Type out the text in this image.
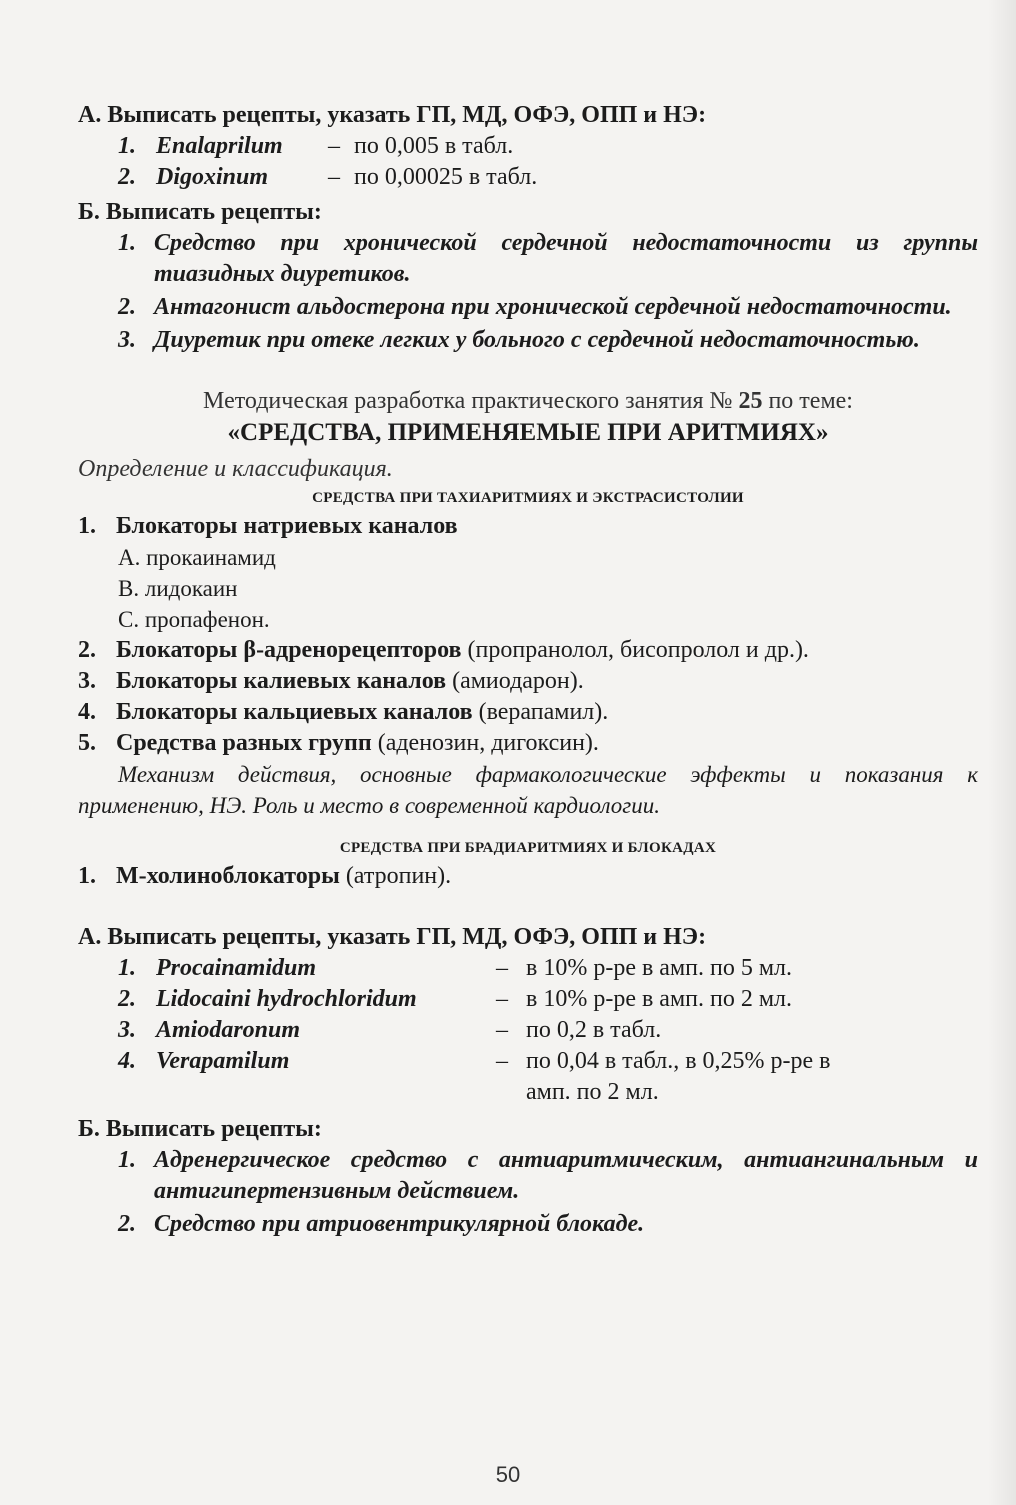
А. Выписать рецепты, указать ГП, МД, ОФЭ, ОПП и НЭ:
1. Enalaprilum	– по 0,005 в табл.
2. Digoxinum	– по 0,00025 в табл.
Б. Выписать рецепты:
1. Средство при хронической сердечной недостаточности из группы тиазидных диуретиков.
2. Антагонист альдостерона при хронической сердечной недостаточности.
3. Диуретик при отеке легких у больного с сердечной недостаточностью.
Методическая разработка практического занятия № 25 по теме:
«СРЕДСТВА, ПРИМЕНЯЕМЫЕ ПРИ АРИТМИЯХ»
Определение и классификация.
СРЕДСТВА ПРИ ТАХИАРИТМИЯХ И ЭКСТРАСИСТОЛИИ
1. Блокаторы натриевых каналов
А. прокаинамид
В. лидокаин
С. пропафенон.
2. Блокаторы β-адренорецепторов (пропранолол, бисопролол и др.).
3. Блокаторы калиевых каналов (амиодарон).
4. Блокаторы кальциевых каналов (верапамил).
5. Средства разных групп (аденозин, дигоксин).
Механизм действия, основные фармакологические эффекты и показания к применению, НЭ. Роль и место в современной кардиологии.
СРЕДСТВА ПРИ БРАДИАРИТМИЯХ И БЛОКАДАХ
1. М-холиноблокаторы (атропин).
А. Выписать рецепты, указать ГП, МД, ОФЭ, ОПП и НЭ:
1. Procainamidum	– в 10% р-ре в амп. по 5 мл.
2. Lidocaini hydrochloridum	– в 10% р-ре в амп. по 2 мл.
3. Amiodaronum	– по 0,2 в табл.
4. Verapamilum	– по 0,04 в табл., в 0,25% р-ре в амп. по 2 мл.
Б. Выписать рецепты:
1. Адренергическое средство с антиаритмическим, антиангинальным и антигипертензивным действием.
2. Средство при атриовентрикулярной блокаде.
50
